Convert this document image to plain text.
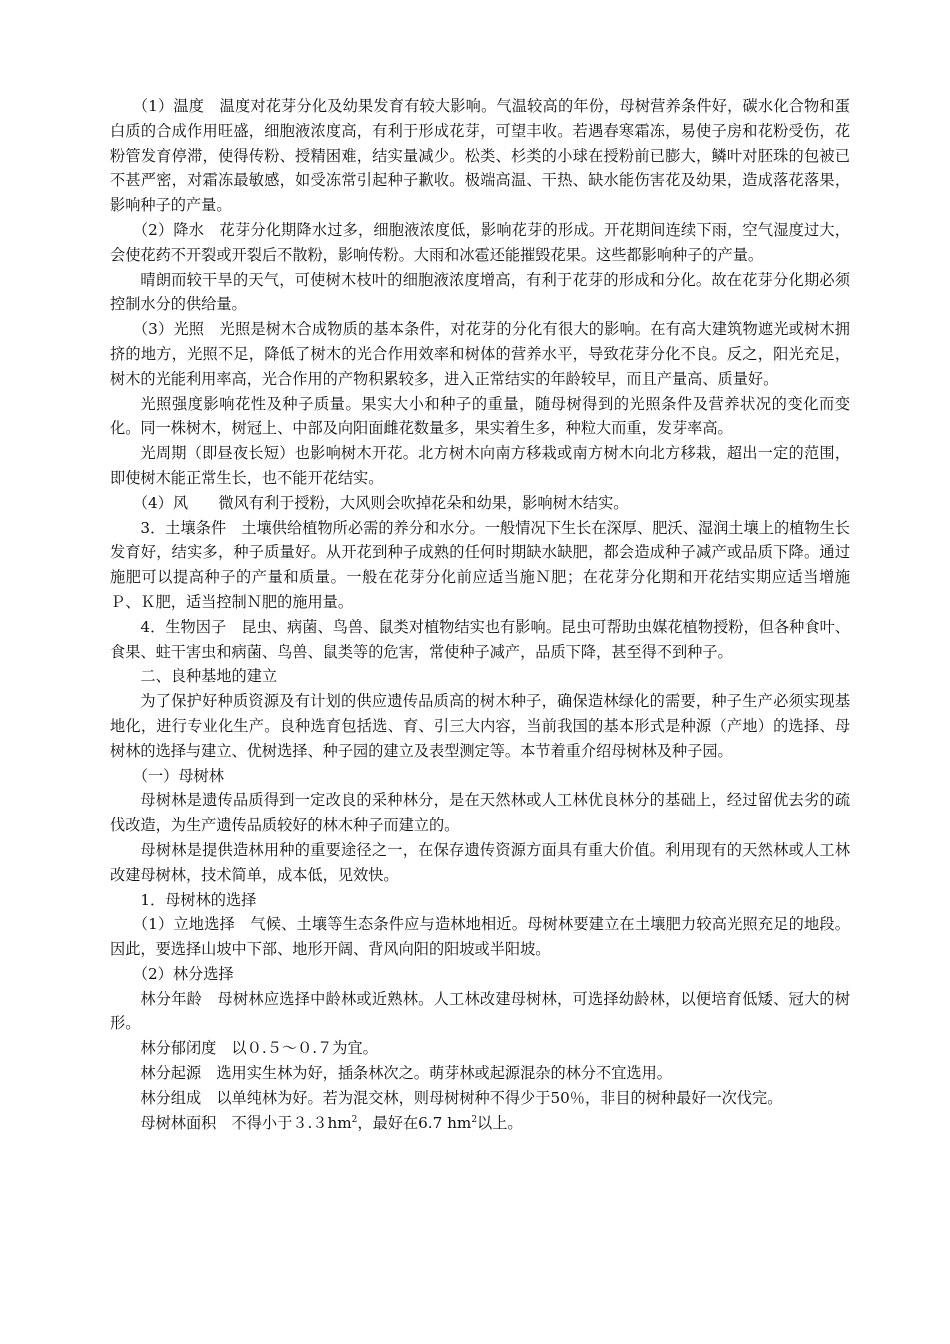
（1）温度　温度对花芽分化及幼果发育有较大影响。气温较高的年份，母树营养条件好，碳水化合物和蛋白质的合成作用旺盛，细胞液浓度高，有利于形成花芽，可望丰收。若遇春寒霜冻，易使子房和花粉受伤，花粉管发育停滞，使得传粉、授精困难，结实量减少。松类、杉类的小球在授粉前已膨大，鳞叶对胚珠的包被已不甚严密，对霜冻最敏感，如受冻常引起种子歉收。极端高温、干热、缺水能伤害花及幼果，造成落花落果，影响种子的产量。

（2）降水　花芽分化期降水过多，细胞液浓度低，影响花芽的形成。开花期间连续下雨，空气湿度过大，会使花药不开裂或开裂后不散粉，影响传粉。大雨和冰雹还能摧毁花果。这些都影响种子的产量。

晴朗而较干旱的天气，可使树木枝叶的细胞液浓度增高，有利于花芽的形成和分化。故在花芽分化期必须控制水分的供给量。

（3）光照　光照是树木合成物质的基本条件，对花芽的分化有很大的影响。在有高大建筑物遮光或树木拥挤的地方，光照不足，降低了树木的光合作用效率和树体的营养水平，导致花芽分化不良。反之，阳光充足，树木的光能利用率高，光合作用的产物积累较多，进入正常结实的年龄较早，而且产量高、质量好。

光照强度影响花性及种子质量。果实大小和种子的重量，随母树得到的光照条件及营养状况的变化而变化。同一株树木，树冠上、中部及向阳面雌花数量多，果实着生多，种粒大而重，发芽率高。

光周期（即昼夜长短）也影响树木开花。北方树木向南方移栽或南方树木向北方移栽，超出一定的范围，即使树木能正常生长，也不能开花结实。

（4）风　　微风有利于授粉，大风则会吹掉花朵和幼果，影响树木结实。

3．土壤条件　土壤供给植物所必需的养分和水分。一般情况下生长在深厚、肥沃、湿润土壤上的植物生长发育好，结实多，种子质量好。从开花到种子成熟的任何时期缺水缺肥，都会造成种子减产或品质下降。通过施肥可以提高种子的产量和质量。一般在花芽分化前应适当施Ｎ肥；在花芽分化期和开花结实期应适当增施Ｐ、Ｋ肥，适当控制Ｎ肥的施用量。

4．生物因子　昆虫、病菌、鸟兽、鼠类对植物结实也有影响。昆虫可帮助虫媒花植物授粉，但各种食叶、食果、蛀干害虫和病菌、鸟兽、鼠类等的危害，常使种子减产，品质下降，甚至得不到种子。

二、良种基地的建立

为了保护好种质资源及有计划的供应遗传品质高的树木种子，确保造林绿化的需要，种子生产必须实现基地化，进行专业化生产。良种选育包括选、育、引三大内容，当前我国的基本形式是种源（产地）的选择、母树林的选择与建立、优树选择、种子园的建立及表型测定等。本节着重介绍母树林及种子园。

（一）母树林

母树林是遗传品质得到一定改良的采种林分，是在天然林或人工林优良林分的基础上，经过留优去劣的疏伐改造，为生产遗传品质较好的林木种子而建立的。

母树林是提供造林用种的重要途径之一，在保存遗传资源方面具有重大价值。利用现有的天然林或人工林改建母树林，技术简单，成本低，见效快。

1．母树林的选择

（1）立地选择　气候、土壤等生态条件应与造林地相近。母树林要建立在土壤肥力较高光照充足的地段。因此，要选择山坡中下部、地形开阔、背风向阳的阳坡或半阳坡。

（2）林分选择

林分年龄　母树林应选择中龄林或近熟林。人工林改建母树林，可选择幼龄林，以便培育低矮、冠大的树形。

林分郁闭度　以０.５～０.７为宜。

林分起源　选用实生林为好，插条林次之。萌芽林或起源混杂的林分不宜选用。

林分组成　以单纯林为好。若为混交林，则母树树种不得少于50％，非目的树种最好一次伐完。

母树林面积　不得小于$3.3hm^2$，最好在6.7 $hm^2$以上。
